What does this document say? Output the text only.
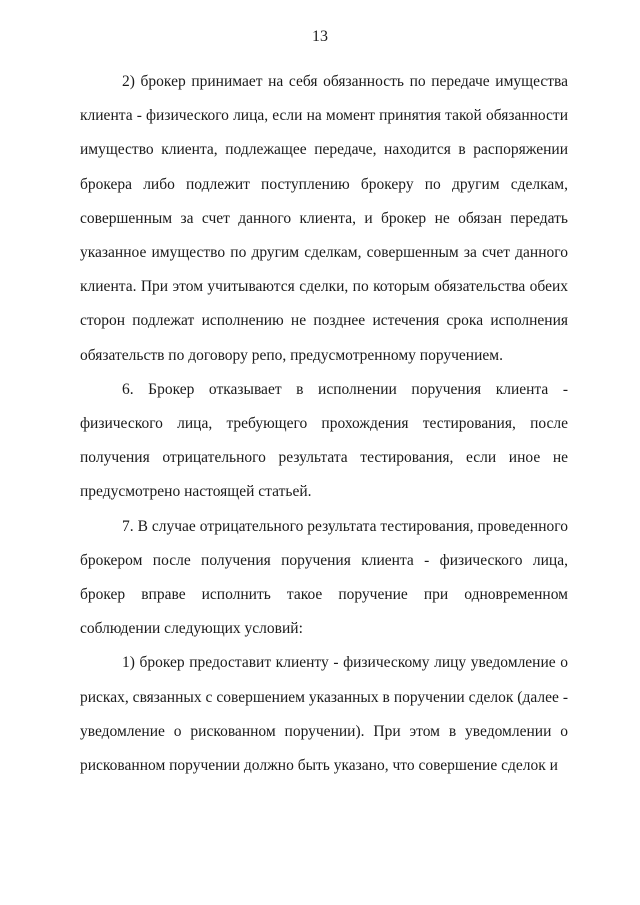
13

2) брокер принимает на себя обязанность по передаче имущества клиента - физического лица, если на момент принятия такой обязанности имущество клиента, подлежащее передаче, находится в распоряжении брокера либо подлежит поступлению брокеру по другим сделкам, совершенным за счет данного клиента, и брокер не обязан передать указанное имущество по другим сделкам, совершенным за счет данного клиента. При этом учитываются сделки, по которым обязательства обеих сторон подлежат исполнению не позднее истечения срока исполнения обязательств по договору репо, предусмотренному поручением.

6. Брокер отказывает в исполнении поручения клиента - физического лица, требующего прохождения тестирования, после получения отрицательного результата тестирования, если иное не предусмотрено настоящей статьей.

7. В случае отрицательного результата тестирования, проведенного брокером после получения поручения клиента - физического лица, брокер вправе исполнить такое поручение при одновременном соблюдении следующих условий:

1) брокер предоставит клиенту - физическому лицу уведомление о рисках, связанных с совершением указанных в поручении сделок (далее - уведомление о рискованном поручении). При этом в уведомлении о рискованном поручении должно быть указано, что совершение сделок и
